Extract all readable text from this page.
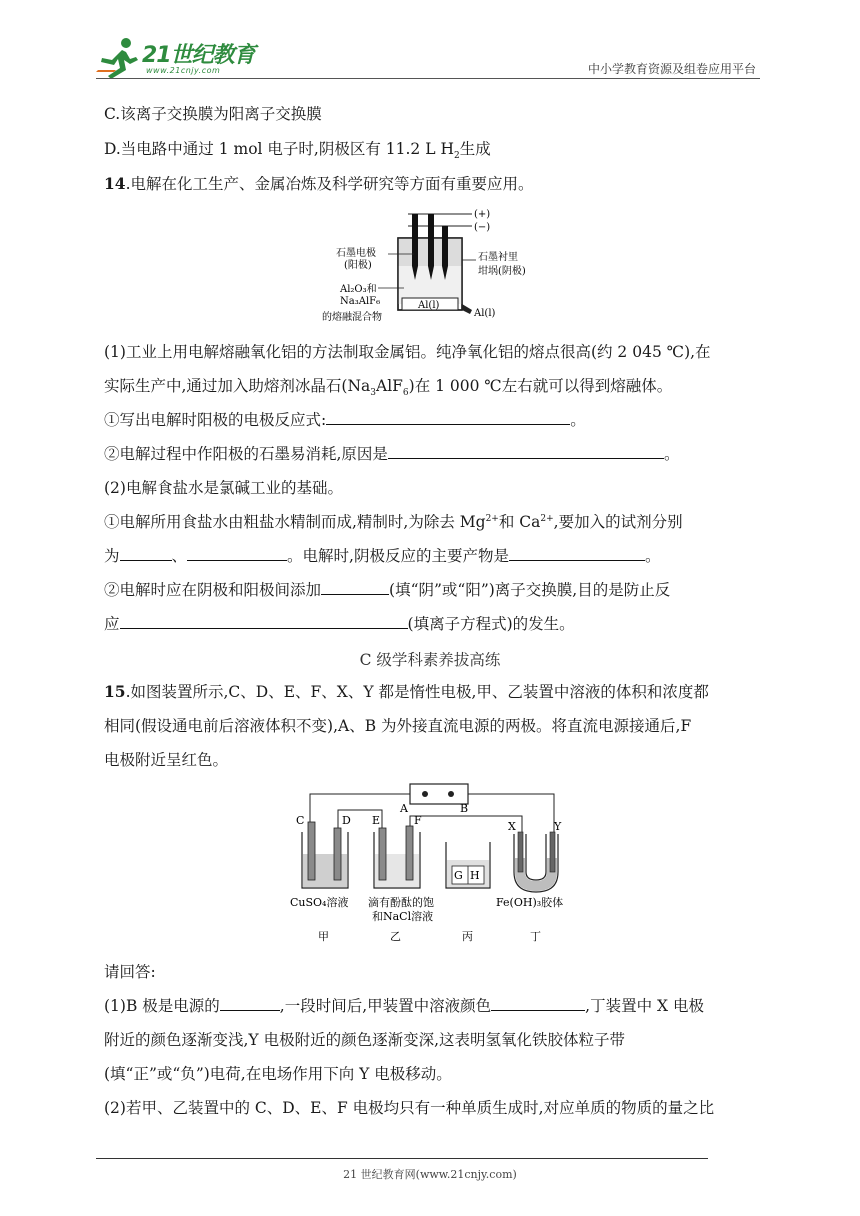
21世纪教育
www.21cnjy.com	中小学教育资源及组卷应用平台
C.该离子交换膜为阳离子交换膜
D.当电路中通过 1 mol 电子时,阴极区有 11.2 L $H_2$生成
14.电解在化工生产、金属冶炼及科学研究等方面有重要应用。
(+)
(−)
Al(l)
Al(l)
石墨电极
(阳极)
Al₂O₃和
Na₃AlF₆
的熔融混合物
石墨衬里
坩埚(阴极)
(1)工业上用电解熔融氧化铝的方法制取金属铝。纯净氧化铝的熔点很高(约 2 045 ℃),在
实际生产中,通过加入助熔剂冰晶石$(Na_3AlF_6)$在 1 000 ℃左右就可以得到熔融体。
①写出电解时阳极的电极反应式:	。
②电解过程中作阳极的石墨易消耗,原因是	。
(2)电解食盐水是氯碱工业的基础。
①电解所用食盐水由粗盐水精制而成,精制时,为除去 $Mg^{2+}$和 $Ca^{2+}$,要加入的试剂分别
为	、	。电解时,阴极反应的主要产物是	。
②电解时应在阴极和阳极间添加	(填“阴”或“阳”)离子交换膜,目的是防止反
应	(填离子方程式)的发生。
C 级学科素养拔高练
15.如图装置所示,C、D、E、F、X、Y 都是惰性电极,甲、乙装置中溶液的体积和浓度都
相同(假设通电前后溶液体积不变),A、B 为外接直流电源的两极。将直流电源接通后,F
电极附近呈红色。
A	B
C	D E	F
G H
X	Y
CuSO₄溶液 滴有酚酞的饱
和NaCl溶液
Fe(OH)₃胶体
甲	乙	丙	丁
请回答:
(1)B 极是电源的	,一段时间后,甲装置中溶液颜色	,丁装置中 X 电极
附近的颜色逐渐变浅,Y 电极附近的颜色逐渐变深,这表明氢氧化铁胶体粒子带
(填“正”或“负”)电荷,在电场作用下向 Y 电极移动。
(2)若甲、乙装置中的 C、D、E、F 电极均只有一种单质生成时,对应单质的物质的量之比
21 世纪教育网(www.21cnjy.com)
